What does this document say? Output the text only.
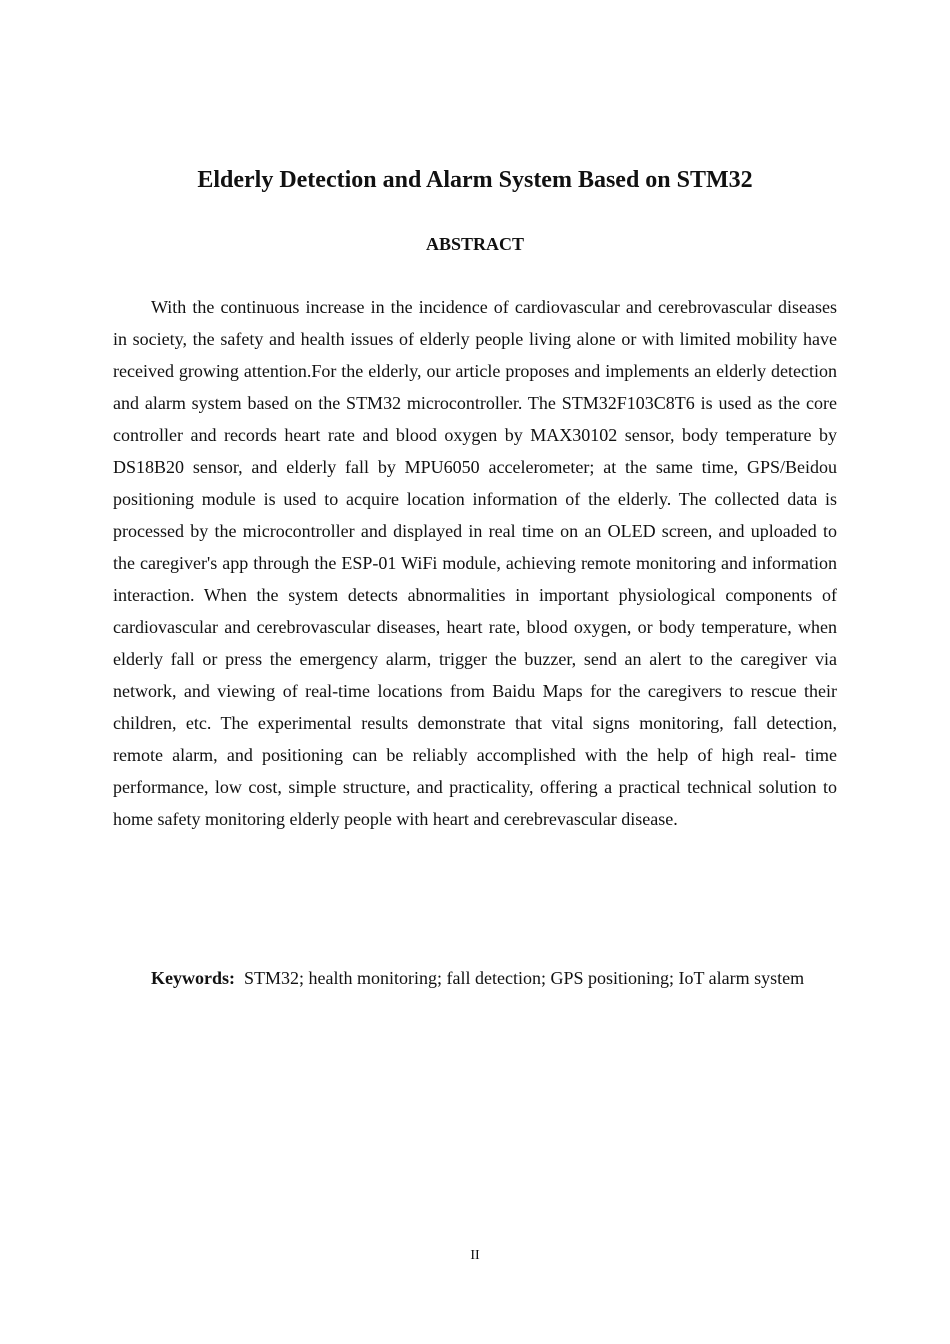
Elderly Detection and Alarm System Based on STM32
ABSTRACT

With the continuous increase in the incidence of cardiovascular and cerebrovascular diseases in society, the safety and health issues of elderly people living alone or with limited mobility have received growing attention.For the elderly, our article proposes and implements an elderly detection and alarm system based on the STM32 microcontroller. The STM32F103C8T6 is used as the core controller and records heart rate and blood oxygen by MAX30102 sensor, body temperature by DS18B20 sensor, and elderly fall by MPU6050 accelerometer; at the same time, GPS/Beidou positioning module is used to acquire location information of the elderly. The collected data is processed by the microcontroller and displayed in real time on an OLED screen, and uploaded to the caregiver's app through the ESP-01 WiFi module, achieving remote monitoring and information interaction. When the system detects abnormalities in important physiological components of cardiovascular and cerebrovascular diseases, heart rate, blood oxygen, or body temperature, when elderly fall or press the emergency alarm, trigger the buzzer, send an alert to the caregiver via network, and viewing of real-time locations from Baidu Maps for the caregivers to rescue their children, etc. The experimental results demonstrate that vital signs monitoring, fall detection, remote alarm, and positioning can be reliably accomplished with the help of high real- time performance, low cost, simple structure, and practicality, offering a practical technical solution to home safety monitoring elderly people with heart and cerebrevascular disease.

Keywords: STM32; health monitoring; fall detection; GPS positioning; IoT alarm system

II
